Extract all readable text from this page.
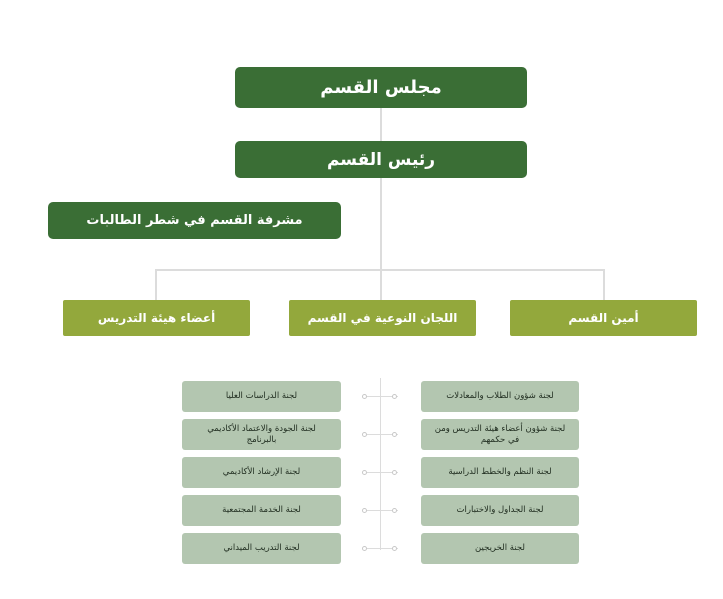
مجلس القسم
رئيس القسم
مشرفة القسم في شطر الطالبات
أعضاء هيئة التدريس	اللجان النوعية في القسم	أمين القسم
لجنة الدراسات العليا
لجنة الجودة والاعتماد الأكاديمي بالبرنامج
لجنة الإرشاد الأكاديمي
لجنة الخدمة المجتمعية
لجنة التدريب الميداني
لجنة شؤون الطلاب والمعادلات
لجنة شؤون أعضاء هيئة التدريس ومن في حكمهم
لجنة النظم والخطط الدراسية
لجنة الجداول والاختبارات
لجنة الخريجين
